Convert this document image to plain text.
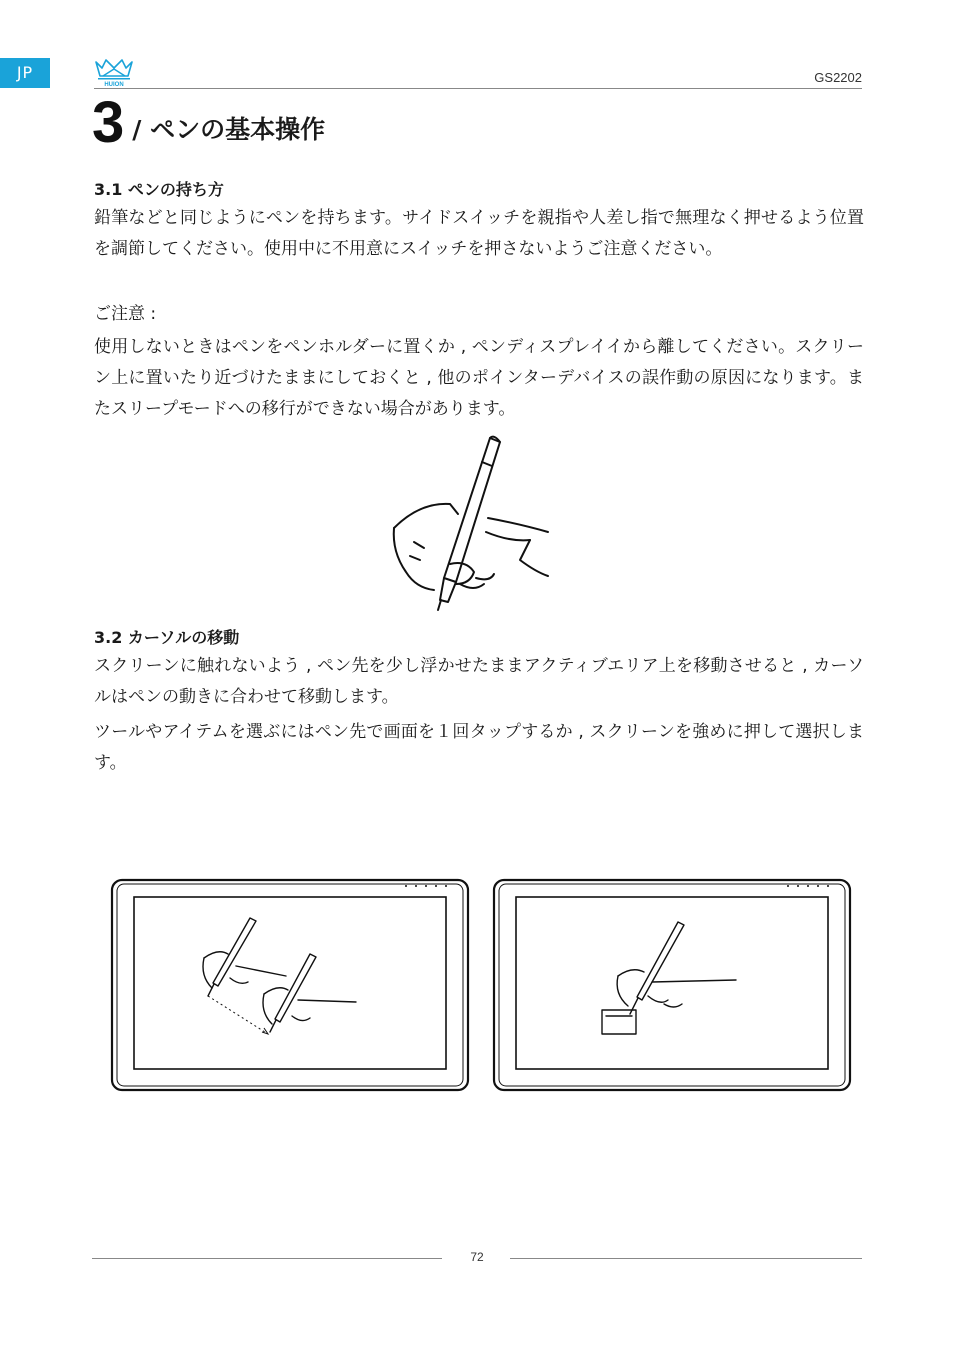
JP
HUION	GS2202
3 / ペンの基本操作
3.1 ペンの持ち方

鉛筆などと同じようにペンを持ちます。サイドスイッチを親指や人差し指で無理なく押せるよう位置を調節してください。使用中に不用意にスイッチを押さないようご注意ください。

ご注意 :

使用しないときはペンをペンホルダーに置くか , ペンディスプレイイから離してください。スクリーン上に置いたり近づけたままにしておくと , 他のポインターデバイスの誤作動の原因になります。またスリープモードへの移行ができない場合があります。

3.2 カーソルの移動

スクリーンに触れないよう , ペン先を少し浮かせたままアクティブエリア上を移動させると , カーソルはペンの動きに合わせて移動します。

ツールやアイテムを選ぶにはペン先で画面を１回タップするか , スクリーンを強めに押して選択します。

72
